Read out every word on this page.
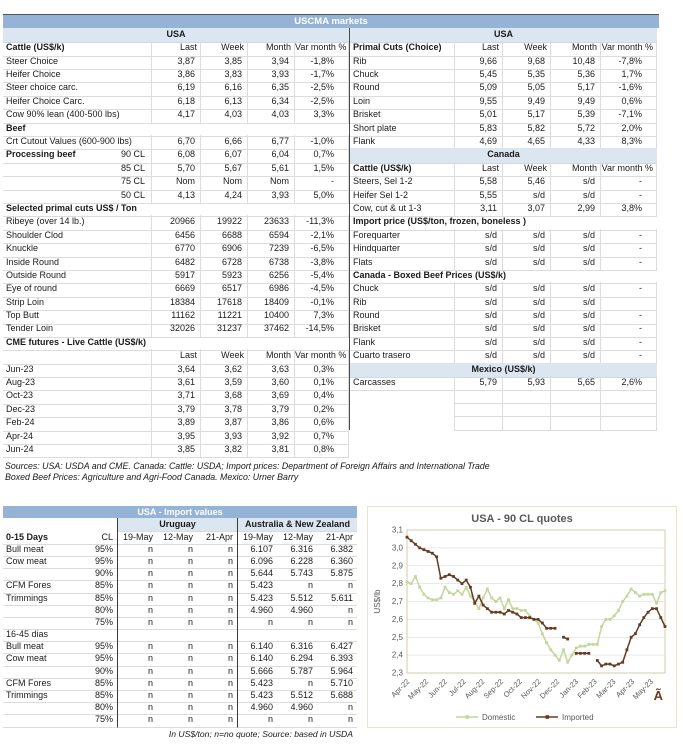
USCMA markets
USA
Cattle (US$/k)	Last	Week	Month Var month %
Steer Choice	3,87	3,85	3,94	-1,8%
Heifer Choice	3,86	3,83	3,93	-1,7%
Steer choice carc.	6,19	6,16	6,35	-2,5%
Heifer Choice Carc.	6,18	6,13	6,34	-2,5%
Cow 90% lean (400-500 lbs)	4,17	4,03	4,03	3,3%
Beef
Crt Cutout Values (600-900 lbs)	6,70	6,66	6,77	-1,0%
Processing beef	90 CL	6,08	6,07	6,04	0,7%
85 CL	5,70	5,67	5,61	1,5%
75 CL	Nom	Nom	Nom	-
50 CL	4,13	4,24	3,93	5,0%
Selected primal cuts US$ / Ton
Ribeye (over 14 lb.)	20966	19922	23633	-11,3%
Shoulder Clod	6456	6688	6594	-2,1%
Knuckle	6770	6906	7239	-6,5%
Inside Round	6482	6728	6738	-3,8%
Outside Round	5917	5923	6256	-5,4%
Eye of round	6669	6517	6986	-4,5%
Strip Loin	18384	17618	18409	-0,1%
Top Butt	11162	11221	10400	7,3%
Tender Loin	32026	31237	37462	-14,5%
CME futures - Live Cattle (US$/k)
Last	Week	Month Var month %
Jun-23	3,64	3,62	3,63	0,3%
Aug-23	3,61	3,59	3,60	0,1%
Oct-23	3,71	3,68	3,69	0,4%
Dec-23	3,79	3,78	3,79	0,2%
Feb-24	3,89	3,87	3,86	0,6%
Apr-24	3,95	3,93	3,92	0,7%
Jun-24	3,85	3,82	3,81	0,8%
USA
Primal Cuts (Choice)	Last	Week	Month Var month %
Rib	9,66	9,68	10,48	-7,8%
Chuck	5,45	5,35	5,36	1,7%
Round	5,09	5,05	5,17	-1,6%
Loin	9,55	9,49	9,49	0,6%
Brisket	5,01	5,17	5,39	-7,1%
Short plate	5,83	5,82	5,72	2,0%
Flank	4,69	4,65	4,33	8,3%
Canada
Cattle (US$/k)	Last	Week	Month Var month %
Steers, Sel 1-2	5,58	5,46	s/d	-
Heifer Sel 1-2	5,55	s/d	s/d	-
Cow, cut & ut 1-3	3,11	3,07	2,99	3,8%
Import price (US$/ton, frozen, boneless )
Forequarter	s/d	s/d	s/d	-
Hindquarter	s/d	s/d	s/d	-
Flats	s/d	s/d	s/d	-
Canada - Boxed Beef Prices (US$/k)
Chuck	s/d	s/d	s/d	-
Rib	s/d	s/d	s/d
Round	s/d	s/d	s/d	-
Brisket	s/d	s/d	s/d	-
Flank	s/d	s/d	s/d	-
Cuarto trasero	s/d	s/d	s/d	-
Mexico (US$/k)
Carcasses	5,79	5,93	5,65	2,6%
Sources: USA: USDA and CME. Canada: Cattle: USDA; Import prices: Department of Foreign Affairs and International Trade
Boxed Beef Prices: Agriculture and Agri-Food Canada. Mexico: Urner Barry
USA - Import values
Uruguay	Australia & New Zealand
0-15 Days	CL	19-May	12-May	21-Apr	19-May	12-May	21-Apr
Bull meat	95%	n	n	n	6.107	6.316	6.382
Cow meat	95%	n	n	n	6.096	6.228	6.360
90%	n	n	n	5.644	5.743	5.875
CFM Fores	85%	n	n	n	5.423	n	n
Trimmings	85%	n	n	n	5.423	5.512	5.611
80%	n	n	n	4.960	4.960	n
75%	n	n	n	n	n	n
16-45 dias
Bull meat	95%	n	n	n	6.140	6.316	6.427
Cow meat	95%	n	n	n	6.140	6.294	6.393
90%	n	n	n	5.666	5.787	5.964
CFM Fores	85%	n	n	n	5.423	n	5.710
Trimmings	85%	n	n	n	5.423	5.512	5.688
80%	n	n	n	4.960	4.960	n
75%	n	n	n	n	n	n
In US$/ton; n=no quote; Source: based in USDA
USA - 90 CL quotes
2,3
2,4
2,5
2,6
2,7
2,8
2,9
3,0
3,1
Apr-22
May-22
Jun-22
Jul-22
Aug-22
Sep-22
Oct-22
Nov-22
Dec-22
Jan-23
Feb-23
Mar-23
Apr-23
May-23
US$/lb
Domestic	Imported
Ã
